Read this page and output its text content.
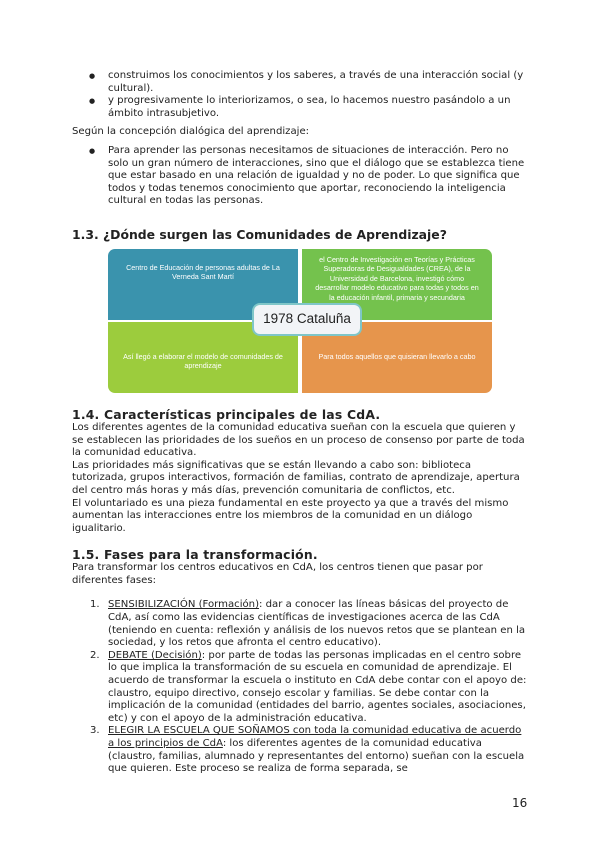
● construimos los conocimientos y los saberes, a través de una interacción social (y cultural).
● y progresivamente lo interiorizamos, o sea, lo hacemos nuestro pasándolo a un ámbito intrasubjetivo.

Según la concepción dialógica del aprendizaje:

● Para aprender las personas necesitamos de situaciones de interacción. Pero no solo un gran número de interacciones, sino que el diálogo que se establezca tiene que estar basado en una relación de igualdad y no de poder. Lo que significa que todos y todas tenemos conocimiento que aportar, reconociendo la inteligencia cultural en todas las personas.
1.3. ¿Dónde surgen las Comunidades de Aprendizaje?
Centro de Educación de personas adultas de La Verneda Sant Martí
el Centro de Investigación en Teorías y Prácticas Superadoras de Desigualdades (CREA), de la Universidad de Barcelona, investigó cómo desarrollar modelo educativo para todas y todos en la educación infantil, primaria y secundaria
Así llegó a elaborar el modelo de comunidades de aprendizaje
Para todos aquellos que quisieran llevarlo a cabo
1978 Cataluña
1.4. Características principales de las CdA.

Los diferentes agentes de la comunidad educativa sueñan con la escuela que quieren y se establecen las prioridades de los sueños en un proceso de consenso por parte de toda la comunidad educativa.

Las prioridades más significativas que se están llevando a cabo son: biblioteca tutorizada, grupos interactivos, formación de familias, contrato de aprendizaje, apertura del centro más horas y más días, prevención comunitaria de conflictos, etc.

El voluntariado es una pieza fundamental en este proyecto ya que a través del mismo aumentan las interacciones entre los miembros de la comunidad en un diálogo igualitario.

1.5. Fases para la transformación.

Para transformar los centros educativos en CdA, los centros tienen que pasar por diferentes fases:

1. SENSIBILIZACIÓN (Formación): dar a conocer las líneas básicas del proyecto de CdA, así como las evidencias científicas de investigaciones acerca de las CdA (teniendo en cuenta: reflexión y análisis de los nuevos retos que se plantean en la sociedad, y los retos que afronta el centro educativo).
2. DEBATE (Decisión): por parte de todas las personas implicadas en el centro sobre lo que implica la transformación de su escuela en comunidad de aprendizaje. El acuerdo de transformar la escuela o instituto en CdA debe contar con el apoyo de: claustro, equipo directivo, consejo escolar y familias. Se debe contar con la implicación de la comunidad (entidades del barrio, agentes sociales, asociaciones, etc) y con el apoyo de la administración educativa.
3. ELEGIR LA ESCUELA QUE SOÑAMOS con toda la comunidad educativa de acuerdo a los principios de CdA: los diferentes agentes de la comunidad educativa (claustro, familias, alumnado y representantes del entorno) sueñan con la escuela que quieren. Este proceso se realiza de forma separada, se
16
